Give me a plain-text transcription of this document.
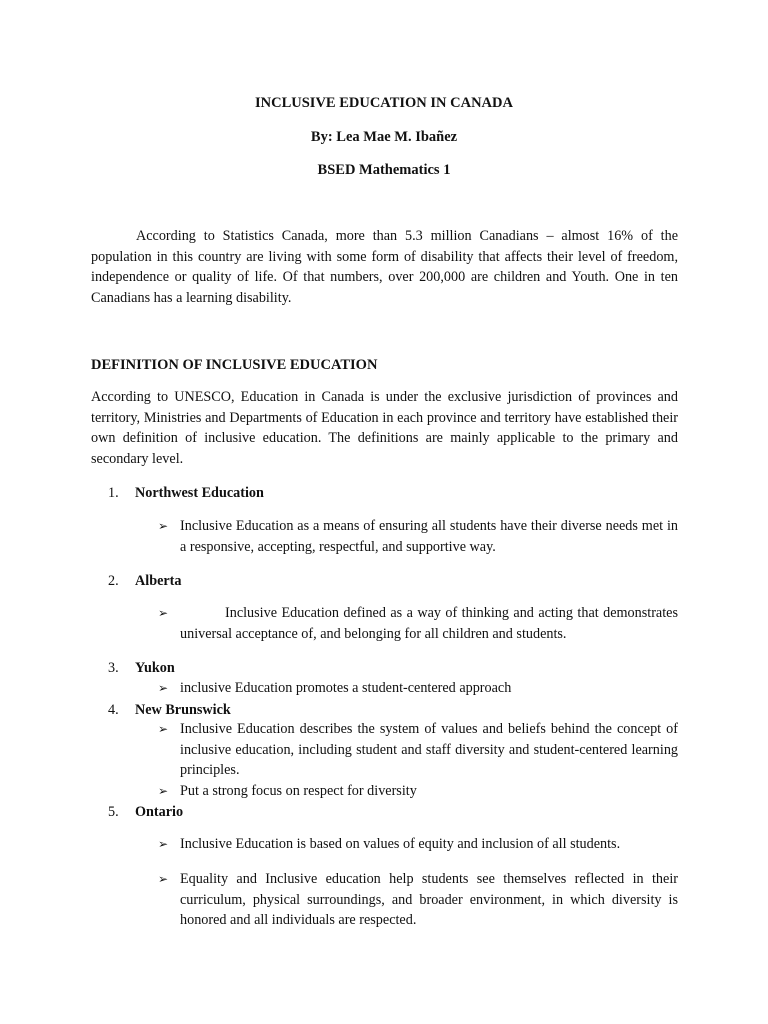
INCLUSIVE EDUCATION IN CANADA
By: Lea Mae M. Ibañez
BSED Mathematics 1
According to Statistics Canada, more than 5.3 million Canadians – almost 16% of the population in this country are living with some form of disability that affects their level of freedom, independence or quality of life. Of that numbers, over 200,000 are children and Youth. One in ten Canadians has a learning disability.
DEFINITION OF INCLUSIVE EDUCATION
According to UNESCO, Education in Canada is under the exclusive jurisdiction of provinces and territory, Ministries and Departments of Education in each province and territory have established their own definition of inclusive education. The definitions are mainly applicable to the primary and secondary level.
1. Northwest Education
➢ Inclusive Education as a means of ensuring all students have their diverse needs met in a responsive, accepting, respectful, and supportive way.
2. Alberta
➢	Inclusive Education defined as a way of thinking and acting that demonstrates universal acceptance of, and belonging for all children and students.
3. Yukon
➢ inclusive Education promotes a student-centered approach
4. New Brunswick
➢ Inclusive Education describes the system of values and beliefs behind the concept of inclusive education, including student and staff diversity and student-centered learning principles.
➢ Put a strong focus on respect for diversity
5. Ontario
➢ Inclusive Education is based on values of equity and inclusion of all students.
➢ Equality and Inclusive education help students see themselves reflected in their curriculum, physical surroundings, and broader environment, in which diversity is honored and all individuals are respected.
